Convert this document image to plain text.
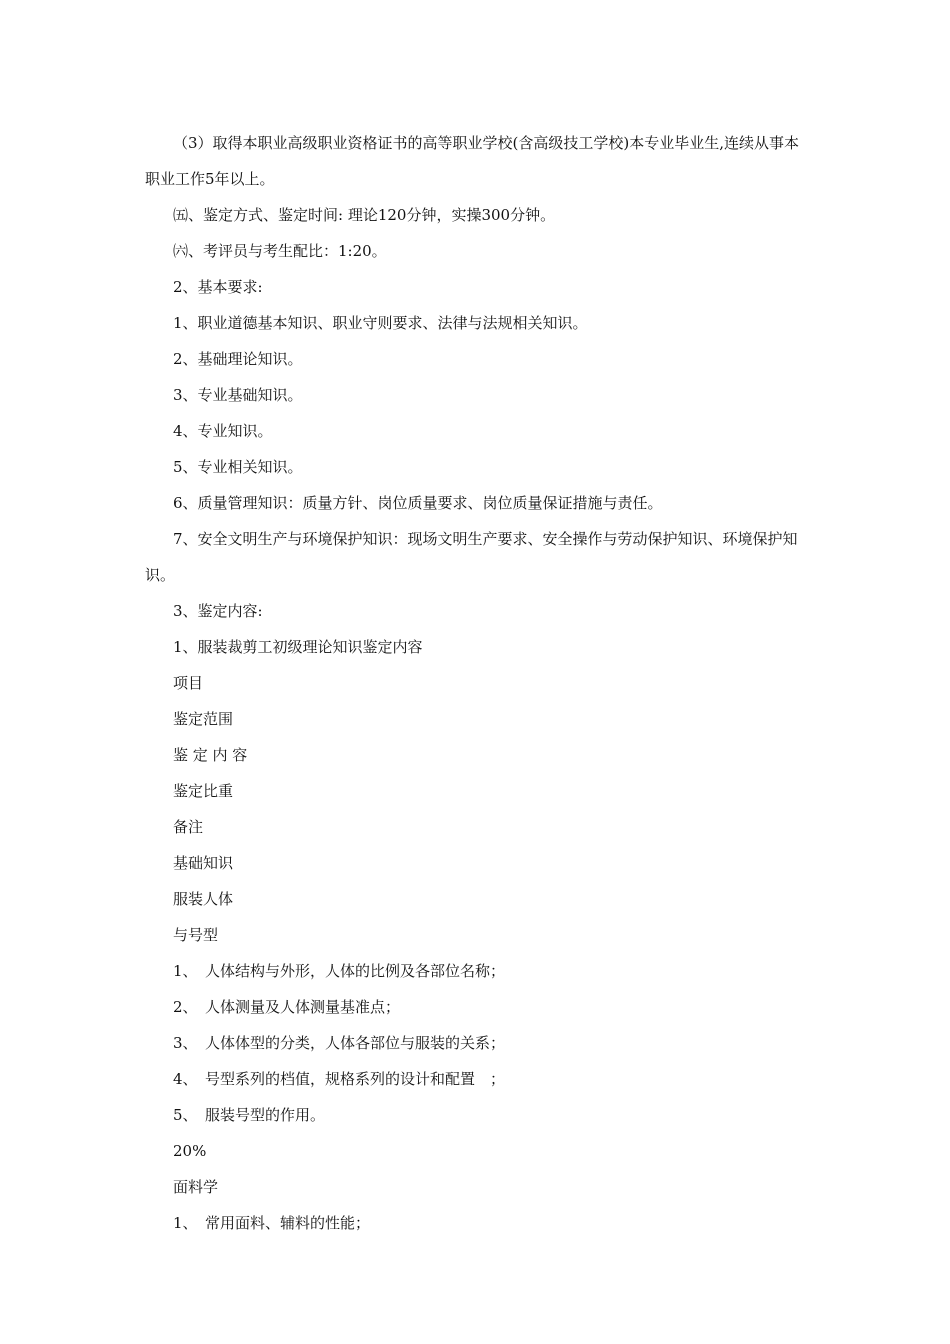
（3）取得本职业高级职业资格证书的高等职业学校(含高级技工学校)本专业毕业生,连续从事本职业工作5年以上。
㈤、鉴定方式、鉴定时间: 理论120分钟，实操300分钟。
㈥、考评员与考生配比：1:20。
2、基本要求:
1、职业道德基本知识、职业守则要求、法律与法规相关知识。
2、基础理论知识。
3、专业基础知识。
4、专业知识。
5、专业相关知识。
6、质量管理知识：质量方针、岗位质量要求、岗位质量保证措施与责任。
7、安全文明生产与环境保护知识：现场文明生产要求、安全操作与劳动保护知识、环境保护知识。
3、鉴定内容:
1、服装裁剪工初级理论知识鉴定内容
项目
鉴定范围
鉴 定 内 容
鉴定比重
备注
基础知识
服装人体
与号型
1、　人体结构与外形，人体的比例及各部位名称；
2、　人体测量及人体测量基准点；
3、　人体体型的分类，人体各部位与服装的关系；
4、　号型系列的档值，规格系列的设计和配置　；
5、　服装号型的作用。
20%
面料学
1、　常用面料、辅料的性能；
